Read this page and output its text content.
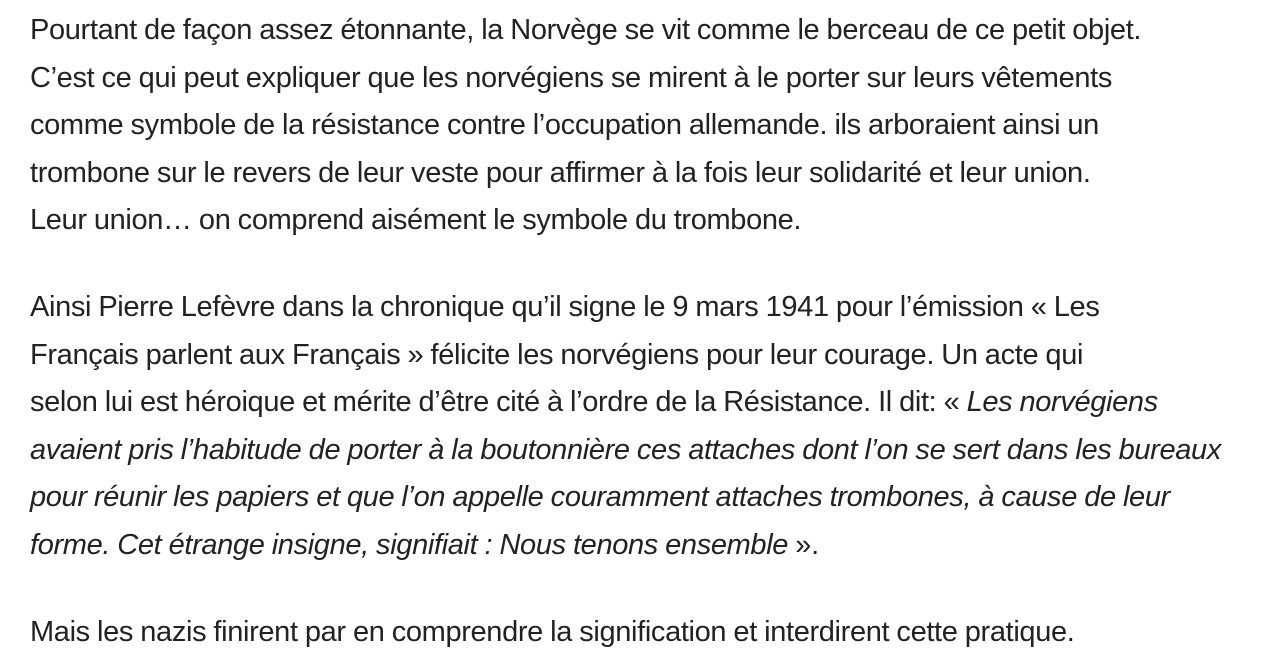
Pourtant de façon assez étonnante, la Norvège se vit comme le berceau de ce petit objet.
C’est ce qui peut expliquer que les norvégiens se mirent à le porter sur leurs vêtements
comme symbole de la résistance contre l’occupation allemande. ils arboraient ainsi un
trombone sur le revers de leur veste pour affirmer à la fois leur solidarité et leur union.
Leur union… on comprend aisément le symbole du trombone.
Ainsi Pierre Lefèvre dans la chronique qu’il signe le 9 mars 1941 pour l’émission « Les
Français parlent aux Français » félicite les norvégiens pour leur courage. Un acte qui
selon lui est héroique et mérite d’être cité à l’ordre de la Résistance. Il dit: « Les norvégiens
avaient pris l’habitude de porter à la boutonnière ces attaches dont l’on se sert dans les bureaux
pour réunir les papiers et que l’on appelle couramment attaches trombones, à cause de leur
forme. Cet étrange insigne, signifiait : Nous tenons ensemble ».
Mais les nazis finirent par en comprendre la signification et interdirent cette pratique.
